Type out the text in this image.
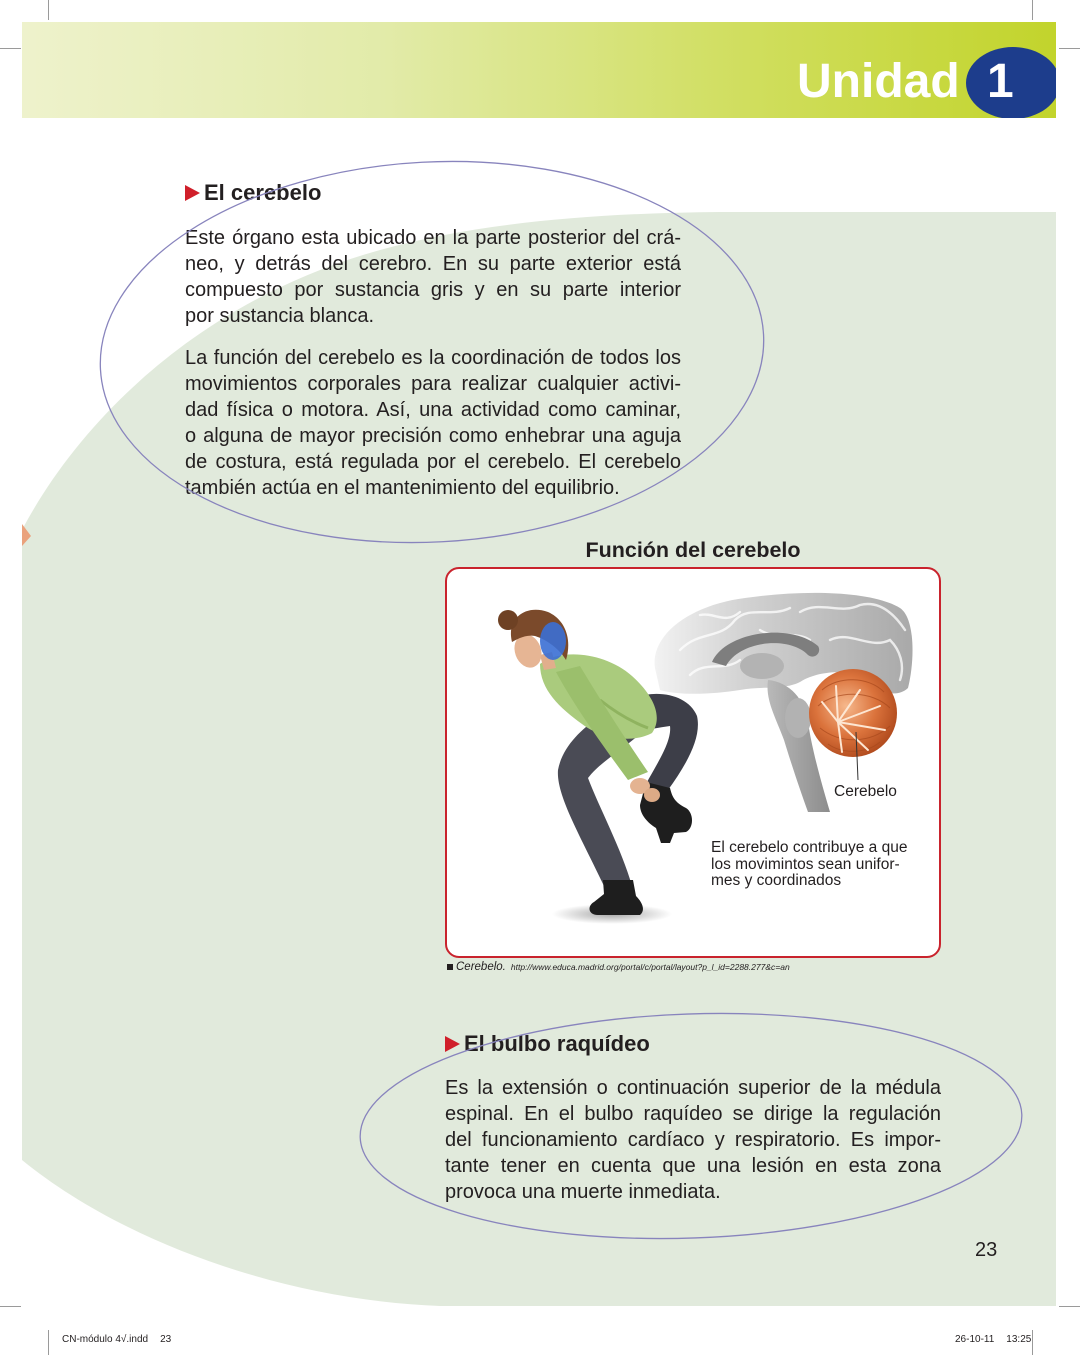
Unidad 1
El cerebelo
Este órgano esta ubicado en la parte posterior del crá-
neo, y detrás del cerebro. En su parte exterior está
compuesto por sustancia gris y en su parte interior
por sustancia blanca.
La función del cerebelo es la coordinación de todos los
movimientos corporales para realizar cualquier activi-
dad física o motora. Así, una actividad como caminar,
o alguna de mayor precisión como enhebrar una aguja
de costura, está regulada por el cerebelo. El cerebelo
también actúa en el mantenimiento del equilibrio.
Función del cerebelo
Cerebelo
El cerebelo contribuye a que
los movimintos sean unifor-
mes y coordinados
Cerebelo. http://www.educa.madrid.org/portal/c/portal/layout?p_l_id=2288.277&c=an
El bulbo raquídeo
Es la extensión o continuación superior de la médula
espinal. En el bulbo raquídeo se dirige la regulación
del funcionamiento cardíaco y respiratorio. Es impor-
tante tener en cuenta que una lesión en esta zona
provoca una muerte inmediata.
23
CN-módulo 4√.indd 23	26-10-11 13:25
